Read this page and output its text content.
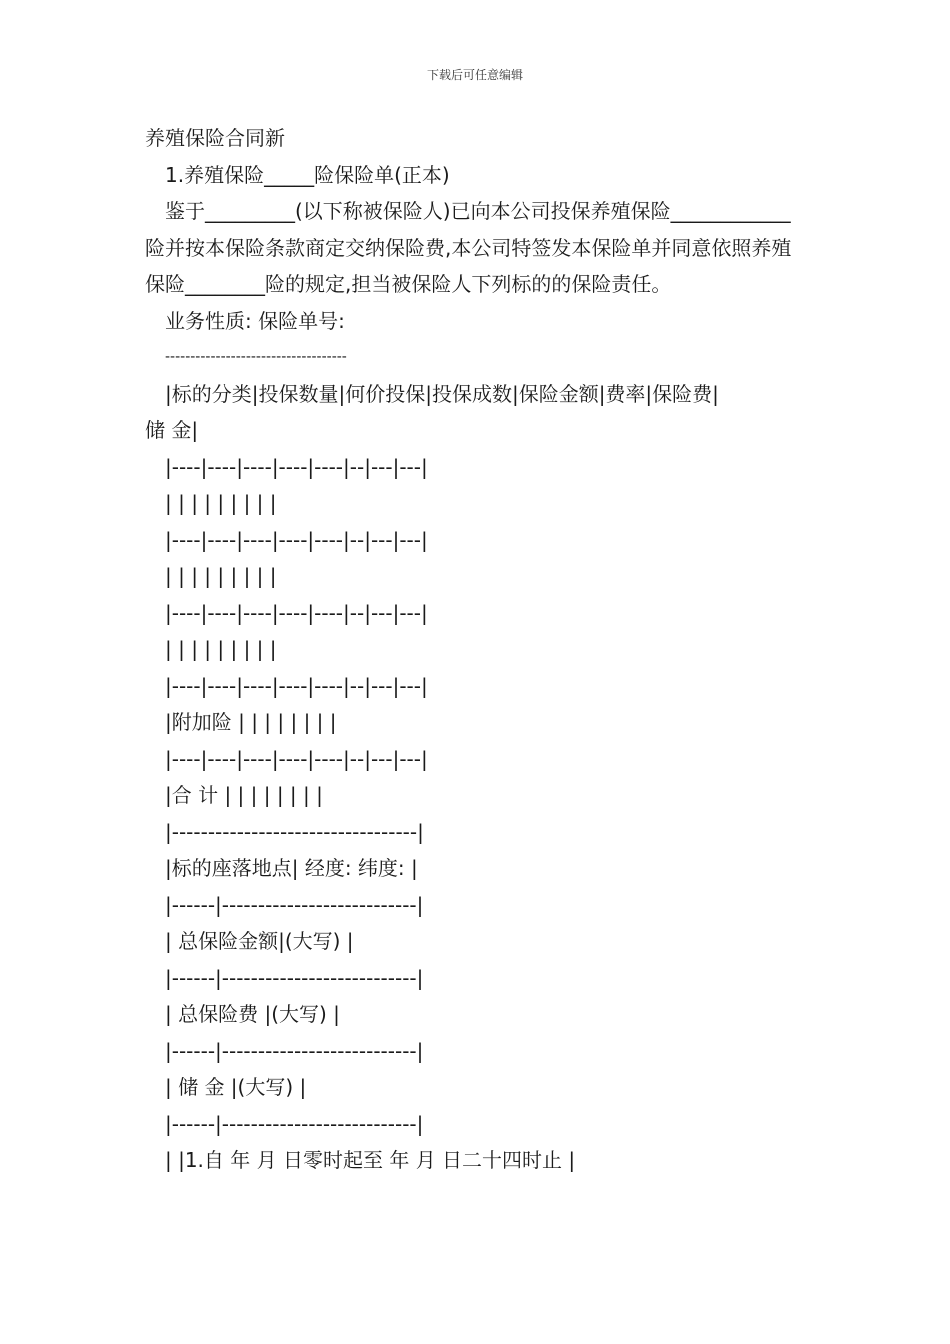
下载后可任意编辑
养殖保险合同新
1.养殖保险_____险保险单(正本)
鉴于_________(以下称被保险人)已向本公司投保养殖保险____________险并按本保险条款商定交纳保险费,本公司特签发本保险单并同意依照养殖保险________险的规定,担当被保险人下列标的的保险责任。
业务性质: 保险单号:
------------------------------------
|标的分类|投保数量|何价投保|投保成数|保险金额|费率|保险费|
储 金|
|----|----|----|----|----|--|---|---|
| | | | | | | | |
|----|----|----|----|----|--|---|---|
| | | | | | | | |
|----|----|----|----|----|--|---|---|
| | | | | | | | |
|----|----|----|----|----|--|---|---|
|附加险 | | | | | | | |
|----|----|----|----|----|--|---|---|
|合 计 | | | | | | | |
|----------------------------------|
|标的座落地点| 经度: 纬度: |
|------|---------------------------|
| 总保险金额|(大写) |
|------|---------------------------|
| 总保险费 |(大写) |
|------|---------------------------|
| 储 金 |(大写) |
|------|---------------------------|
| |1.自 年 月 日零时起至 年 月 日二十四时止 |
